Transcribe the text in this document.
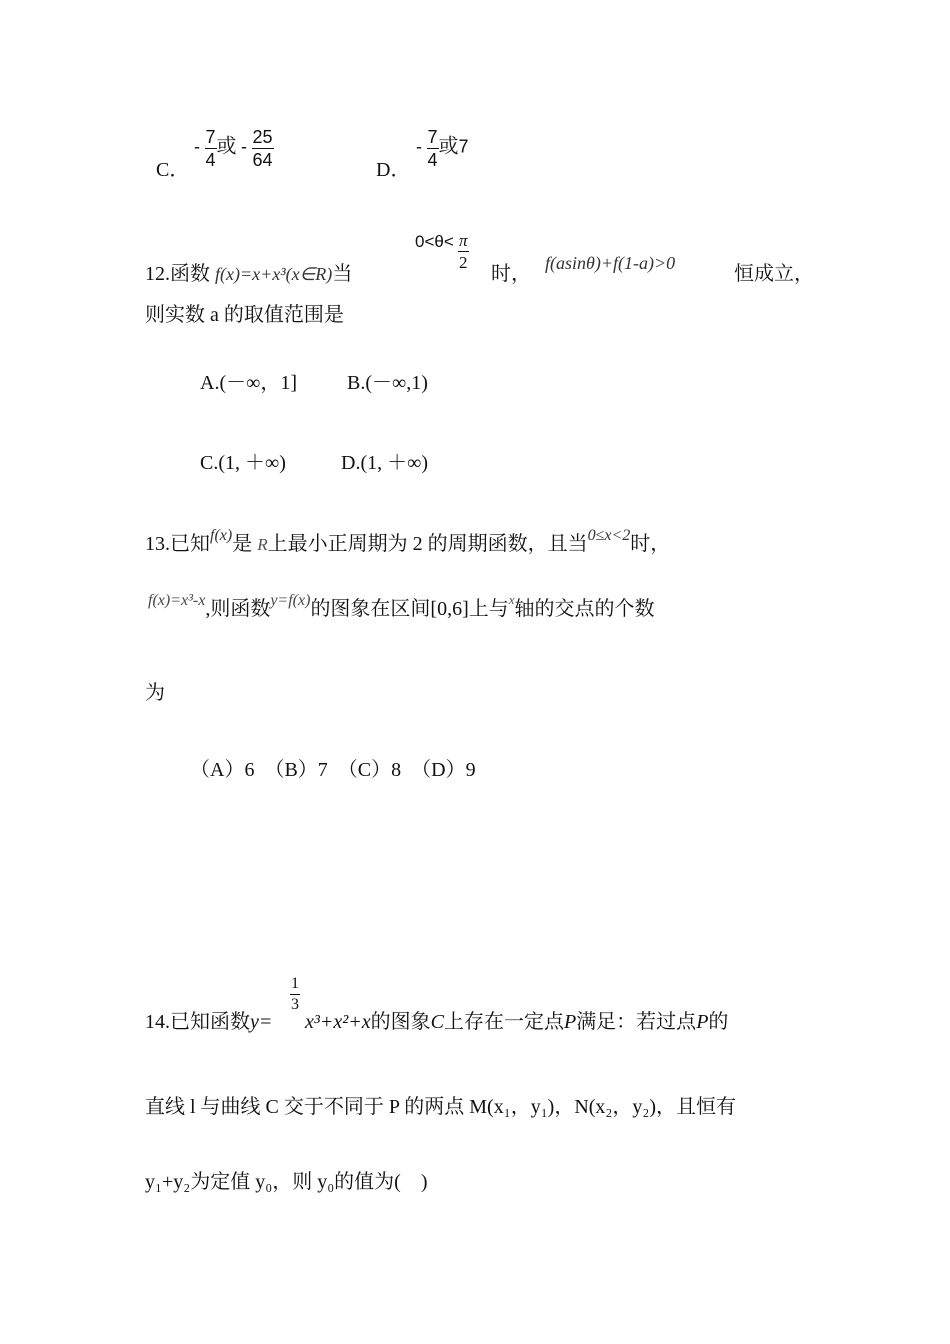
C．
- $\frac{7}{4}$ 或 - $\frac{25}{64}$
D．
- $\frac{7}{4}$ 或7
12.函数 f(x)=x+x³(x∈R)当
$0<\theta< \frac{\pi}{2}$
时， f(asinθ)+f(1-a)>0	恒成立，
则实数 a 的取值范围是
A.(－∞，1] B.(－∞,1)
C.(1, ＋∞)	D.(1, ＋∞)
13.已知$^{f(x)}$是 R上最小正周期为 2 的周期函数，且当$^{0\le x<2}$时，
$^{f(x)=x^3-x}$,则函数$^{y=f(x)}$的图象在区间[0,6]上与$^x$轴的交点的个数
为
（A）6　（B）7　（C）8　（D）9
$\frac{1}{3}$
14.已知函数y= x³+x²+x的图象C上存在一定点P满足：若过点P的
直线 l 与曲线 C 交于不同于 P 的两点 M(x₁，y₁)，N(x₂，y₂)，且恒有
y₁+y₂为定值 y₀，则 y₀的值为(　)
